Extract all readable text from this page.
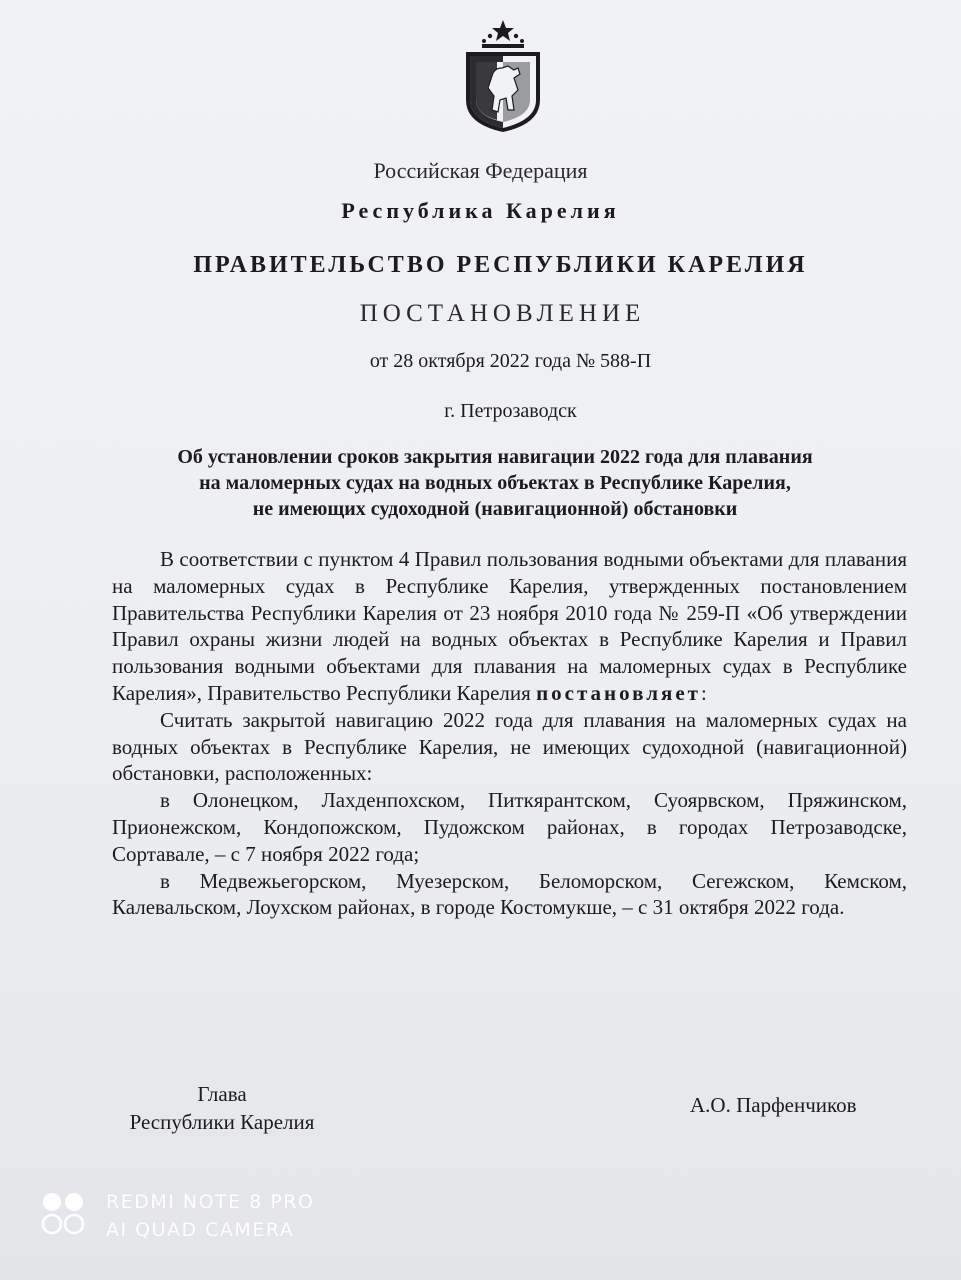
Российская Федерация
Республика Карелия
ПРАВИТЕЛЬСТВО РЕСПУБЛИКИ КАРЕЛИЯ
ПОСТАНОВЛЕНИЕ
от 28 октября 2022 года № 588-П
г. Петрозаводск
Об установлении сроков закрытия навигации 2022 года для плавания
на маломерных судах на водных объектах в Республике Карелия,
не имеющих судоходной (навигационной) обстановки
В соответствии с пунктом 4 Правил пользования водными объектами для плавания на маломерных судах в Республике Карелия, утвержденных постановлением Правительства Республики Карелия от 23 ноября 2010 года № 259-П «Об утверждении Правил охраны жизни людей на водных объектах в Республике Карелия и Правил пользования водными объектами для плавания на маломерных судах в Республике Карелия», Правительство Республики Карелия постановляет:
Считать закрытой навигацию 2022 года для плавания на маломерных судах на водных объектах в Республике Карелия, не имеющих судоходной (навигационной) обстановки, расположенных:
в Олонецком, Лахденпохском, Питкярантском, Суоярвском, Пряжинском, Прионежском, Кондопожском, Пудожском районах, в городах Петрозаводске, Сортавале, – с 7 ноября 2022 года;
в Медвежьегорском, Муезерском, Беломорском, Сегежском, Кемском, Калевальском, Лоухском районах, в городе Костомукше, – с 31 октября 2022 года.
Глава
Республики Карелия
А.О. Парфенчиков
REDMI NOTE 8 PRO
AI QUAD CAMERA
